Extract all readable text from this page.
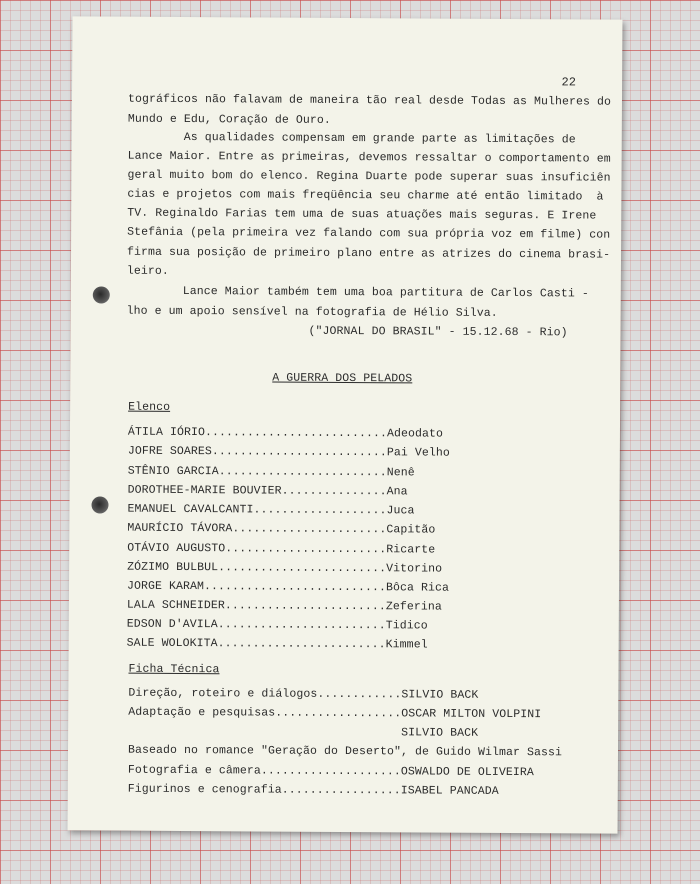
22
tográficos não falavam de maneira tão real desde Todas as Mulheres do
Mundo e Edu, Coração de Ouro.
As qualidades compensam em grande parte as limitações de
Lance Maior. Entre as primeiras, devemos ressaltar o comportamento em
geral muito bom do elenco. Regina Duarte pode superar suas insuficiên
cias e projetos com mais freqüência seu charme até então limitado  à
TV. Reginaldo Farias tem uma de suas atuações mais seguras. E Irene
Stefânia (pela primeira vez falando com sua própria voz em filme) con
firma sua posição de primeiro plano entre as atrizes do cinema brasi-
leiro.
Lance Maior também tem uma boa partitura de Carlos Casti -
lho e um apoio sensível na fotografia de Hélio Silva.
("JORNAL DO BRASIL" - 15.12.68 - Rio)
A GUERRA DOS PELADOS
Elenco
ÁTILA IÓRIO..........................Adeodato
JOFRE SOARES.........................Pai Velho
STÊNIO GARCIA........................Nenê
DOROTHEE-MARIE BOUVIER...............Ana
EMANUEL CAVALCANTI...................Juca
MAURÍCIO TÁVORA......................Capitão
OTÁVIO AUGUSTO.......................Ricarte
ZÓZIMO BULBUL........................Vitorino
JORGE KARAM..........................Bôca Rica
LALA SCHNEIDER.......................Zeferina
EDSON D'AVILA........................Tidico
SALE WOLOKITA........................Kimmel
Ficha Técnica
Direção, roteiro e diálogos............SILVIO BACK
Adaptação e pesquisas..................OSCAR MILTON VOLPINI
SILVIO BACK
Baseado no romance "Geração do Deserto", de Guido Wilmar Sassi
Fotografia e câmera....................OSWALDO DE OLIVEIRA
Figurinos e cenografia.................ISABEL PANCADA
